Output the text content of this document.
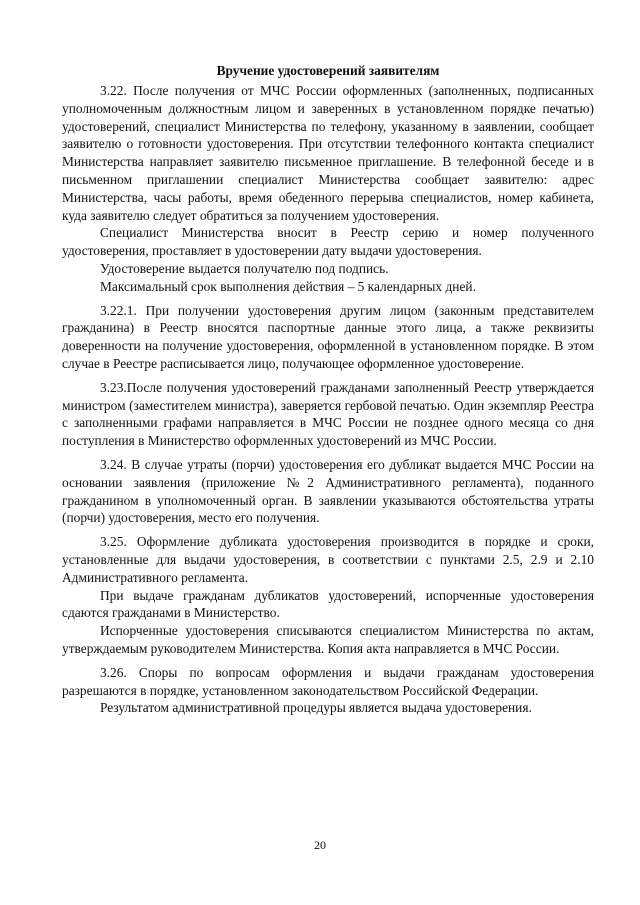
Вручение удостоверений заявителям

3.22. После получения от МЧС России оформленных (заполненных, подписанных уполномоченным должностным лицом и заверенных в установленном порядке печатью) удостоверений, специалист Министерства по телефону, указанному в заявлении, сообщает заявителю о готовности удостоверения. При отсутствии телефонного контакта специалист Министерства направляет заявителю письменное приглашение. В телефонной беседе и в письменном приглашении специалист Министерства сообщает заявителю: адрес Министерства, часы работы, время обеденного перерыва специалистов, номер кабинета, куда заявителю следует обратиться за получением удостоверения.

Специалист Министерства вносит в Реестр серию и номер полученного удостоверения, проставляет в удостоверении дату выдачи удостоверения.

Удостоверение выдается получателю под подпись.

Максимальный срок выполнения действия – 5 календарных дней.

3.22.1. При получении удостоверения другим лицом (законным представителем гражданина) в Реестр вносятся паспортные данные этого лица, а также реквизиты доверенности на получение удостоверения, оформленной в установленном порядке. В этом случае в Реестре расписывается лицо, получающее оформленное удостоверение.

3.23.После получения удостоверений гражданами заполненный Реестр утверждается министром (заместителем министра), заверяется гербовой печатью. Один экземпляр Реестра с заполненными графами направляется в МЧС России не позднее одного месяца со дня поступления в Министерство оформленных удостоверений из МЧС России.

3.24. В случае утраты (порчи) удостоверения его дубликат выдается МЧС России на основании заявления (приложение №2 Административного регламента), поданного гражданином в уполномоченный орган. В заявлении указываются обстоятельства утраты (порчи) удостоверения, место его получения.

3.25. Оформление дубликата удостоверения производится в порядке и сроки, установленные для выдачи удостоверения, в соответствии с пунктами 2.5, 2.9 и 2.10 Административного регламента.

При выдаче гражданам дубликатов удостоверений, испорченные удостоверения сдаются гражданами в Министерство.

Испорченные удостоверения списываются специалистом Министерства по актам, утверждаемым руководителем Министерства. Копия акта направляется в МЧС России.

3.26. Споры по вопросам оформления и выдачи гражданам удостоверения разрешаются в порядке, установленном законодательством Российской Федерации.

Результатом административной процедуры является выдача удостоверения.

20
